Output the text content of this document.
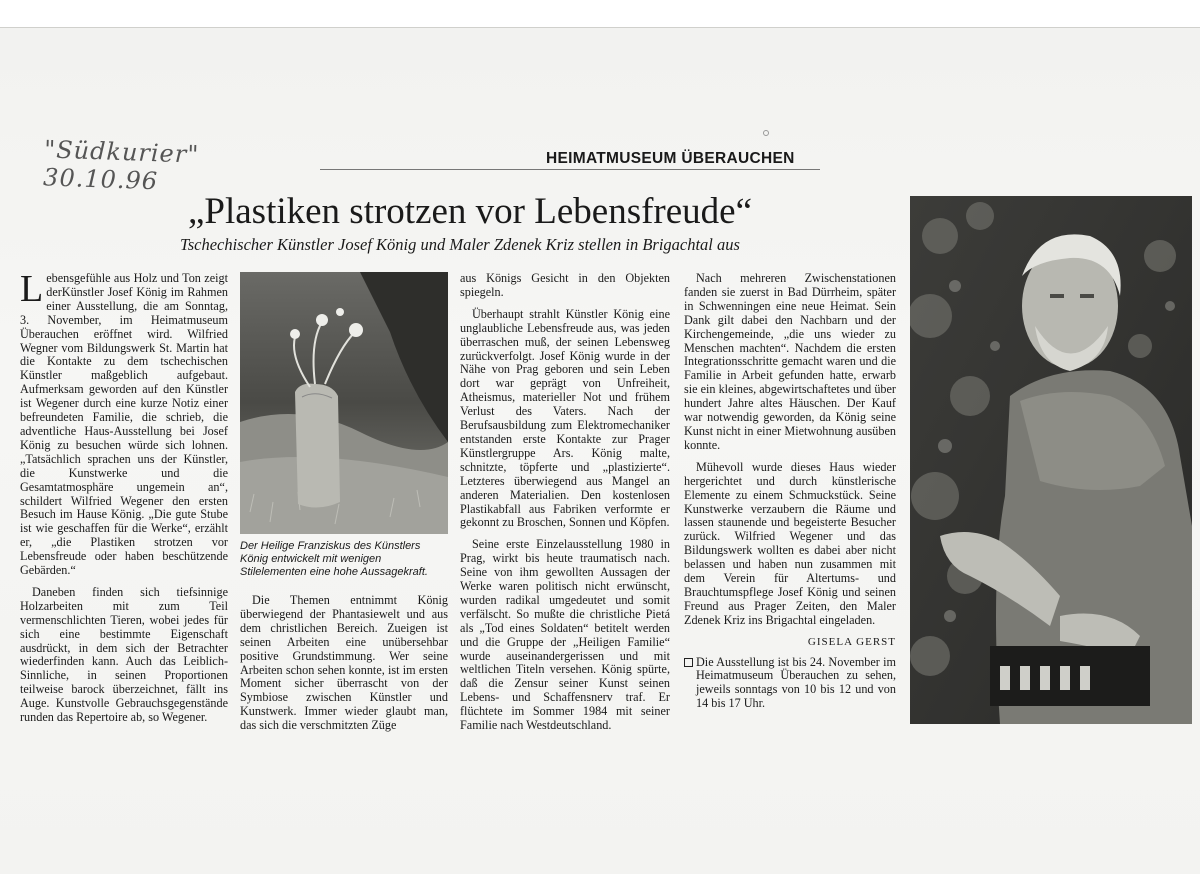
"Südkurier" 30.10.96
HEIMATMUSEUM ÜBERAUCHEN
„Plastiken strotzen vor Lebensfreude“
Tschechischer Künstler Josef König und Maler Zdenek Kriz stellen in Brigachtal aus

Lebensgefühle aus Holz und Ton zeigt derKünstler Josef König im Rahmen einer Ausstellung, die am Sonntag, 3. November, im Heimatmuseum Überauchen eröffnet wird. Wilfried Wegner vom Bildungswerk St. Martin hat die Kontakte zu dem tschechischen Künstler maßgeblich aufgebaut. Aufmerksam geworden auf den Künstler ist Wegener durch eine kurze Notiz einer befreundeten Familie, die schrieb, die adventliche Haus-Ausstellung bei Josef König zu besuchen würde sich lohnen. „Tatsächlich sprachen uns der Künstler, die Kunstwerke und die Gesamtatmosphäre ungemein an“, schildert Wilfried Wegener den ersten Besuch im Hause König. „Die gute Stube ist wie geschaffen für die Werke“, erzählt er, „die Plastiken strotzen vor Lebensfreude oder haben beschützende Gebärden.“

Daneben finden sich tiefsinnige Holzarbeiten mit zum Teil vermenschlichten Tieren, wobei jedes für sich eine bestimmte Eigenschaft ausdrückt, in dem sich der Betrachter wiederfinden kann. Auch das Leiblich-Sinnliche, in seinen Proportionen teilweise barock überzeichnet, fällt ins Auge. Kunstvolle Gebrauchsgegenstände runden das Repertoire ab, so Wegener.

Der Heilige Franziskus des Künstlers König entwickelt mit wenigen Stilelementen eine hohe Aussagekraft.

Die Themen entnimmt König überwiegend der Phantasiewelt und aus dem christlichen Bereich. Zueigen ist seinen Arbeiten eine unübersehbar positive Grundstimmung. Wer seine Arbeiten schon sehen konnte, ist im ersten Moment sicher überrascht von der Symbiose zwischen Künstler und Kunstwerk. Immer wieder glaubt man, das sich die verschmitzten Züge

aus Königs Gesicht in den Objekten spiegeln.

Überhaupt strahlt Künstler König eine unglaubliche Lebensfreude aus, was jeden überraschen muß, der seinen Lebensweg zurückverfolgt. Josef König wurde in der Nähe von Prag geboren und sein Leben dort war geprägt von Unfreiheit, Atheismus, materieller Not und frühem Verlust des Vaters. Nach der Berufsausbildung zum Elektromechaniker entstanden erste Kontakte zur Prager Künstlergruppe Ars. König malte, schnitzte, töpferte und „plastizierte“. Letzteres überwiegend aus Mangel an anderen Materialien. Den kostenlosen Plastikabfall aus Fabriken verformte er gekonnt zu Broschen, Sonnen und Köpfen.

Seine erste Einzelausstellung 1980 in Prag, wirkt bis heute traumatisch nach. Seine von ihm gewollten Aussagen der Werke waren politisch nicht erwünscht, wurden radikal umgedeutet und somit verfälscht. So mußte die christliche Pietá als „Tod eines Soldaten“ betitelt werden und die Gruppe der „Heiligen Familie“ wurde auseinandergerissen und mit weltlichen Titeln versehen. König spürte, daß die Zensur seiner Kunst seinen Lebens- und Schaffensnerv traf. Er flüchtete im Sommer 1984 mit seiner Familie nach Westdeutschland.

Nach mehreren Zwischenstationen fanden sie zuerst in Bad Dürrheim, später in Schwenningen eine neue Heimat. Sein Dank gilt dabei den Nachbarn und der Kirchengemeinde, „die uns wieder zu Menschen machten“. Nachdem die ersten Integrationsschritte gemacht waren und die Familie in Arbeit gefunden hatte, erwarb sie ein kleines, abgewirtschaftetes und über hundert Jahre altes Häuschen. Der Kauf war notwendig geworden, da König seine Kunst nicht in einer Mietwohnung ausüben konnte.

Mühevoll wurde dieses Haus wieder hergerichtet und durch künstlerische Elemente zu einem Schmuckstück. Seine Kunstwerke verzaubern die Räume und lassen staunende und begeisterte Besucher zurück. Wilfried Wegener und das Bildungswerk wollten es dabei aber nicht belassen und haben nun zusammen mit dem Verein für Altertums- und Brauchtumspflege Josef König und seinen Freund aus Prager Zeiten, den Maler Zdenek Kriz ins Brigachtal eingeladen.

GISELA GERST

Die Ausstellung ist bis 24. November im Heimatmuseum Überauchen zu sehen, jeweils sonntags von 10 bis 12 und von 14 bis 17 Uhr.
